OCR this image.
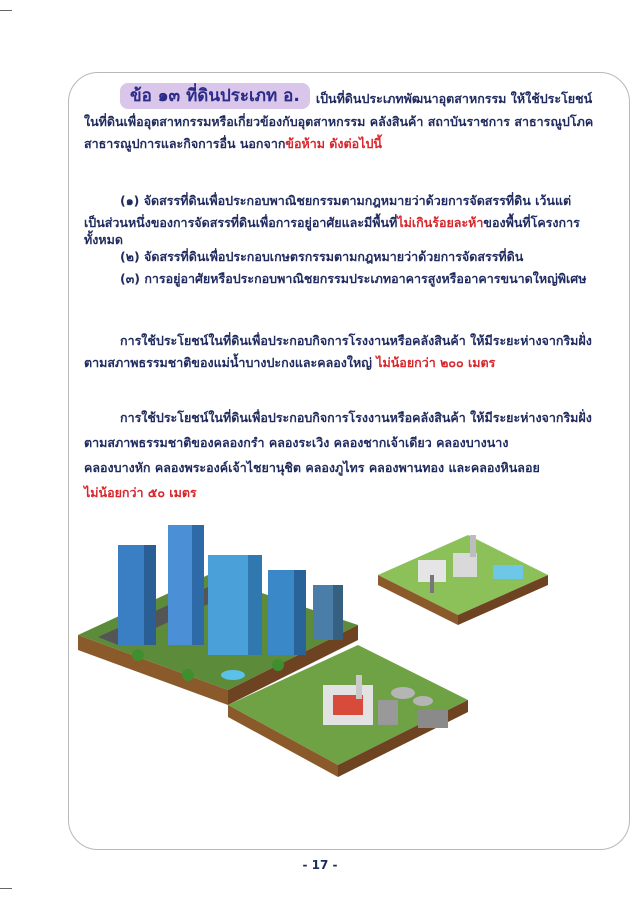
ข้อ ๑๓ ที่ดินประเภท อ. เป็นที่ดินประเภทพัฒนาอุตสาหกรรม ให้ใช้ประโยชน์
ในที่ดินเพื่ออุตสาหกรรมหรือเกี่ยวข้องกับอุตสาหกรรม คลังสินค้า สถาบันราชการ สาธารณูปโภค
สาธารณูปการและกิจการอื่น นอกจากข้อห้าม ดังต่อไปนี้
(๑) จัดสรรที่ดินเพื่อประกอบพาณิชยกรรมตามกฎหมายว่าด้วยการจัดสรรที่ดิน เว้นแต่
เป็นส่วนหนึ่งของการจัดสรรที่ดินเพื่อการอยู่อาศัยและมีพื้นที่ไม่เกินร้อยละห้าของพื้นที่โครงการ
ทั้งหมด
(๒) จัดสรรที่ดินเพื่อประกอบเกษตรกรรมตามกฎหมายว่าด้วยการจัดสรรที่ดิน
(๓) การอยู่อาศัยหรือประกอบพาณิชยกรรมประเภทอาคารสูงหรืออาคารขนาดใหญ่พิเศษ
การใช้ประโยชน์ในที่ดินเพื่อประกอบกิจการโรงงานหรือคลังสินค้า ให้มีระยะห่างจากริมฝั่ง
ตามสภาพธรรมชาติของแม่น้ำบางปะกงและคลองใหญ่ ไม่น้อยกว่า ๒๐๐ เมตร
การใช้ประโยชน์ในที่ดินเพื่อประกอบกิจการโรงงานหรือคลังสินค้า ให้มีระยะห่างจากริมฝั่ง
ตามสภาพธรรมชาติของคลองกรำ คลองระเวิง คลองชากเจ้าเดียว คลองบางนาง
คลองบางหัก คลองพระองค์เจ้าไชยานุชิต คลองภูไทร คลองพานทอง และคลองหินลอย
ไม่น้อยกว่า ๕๐ เมตร
- 17 -
